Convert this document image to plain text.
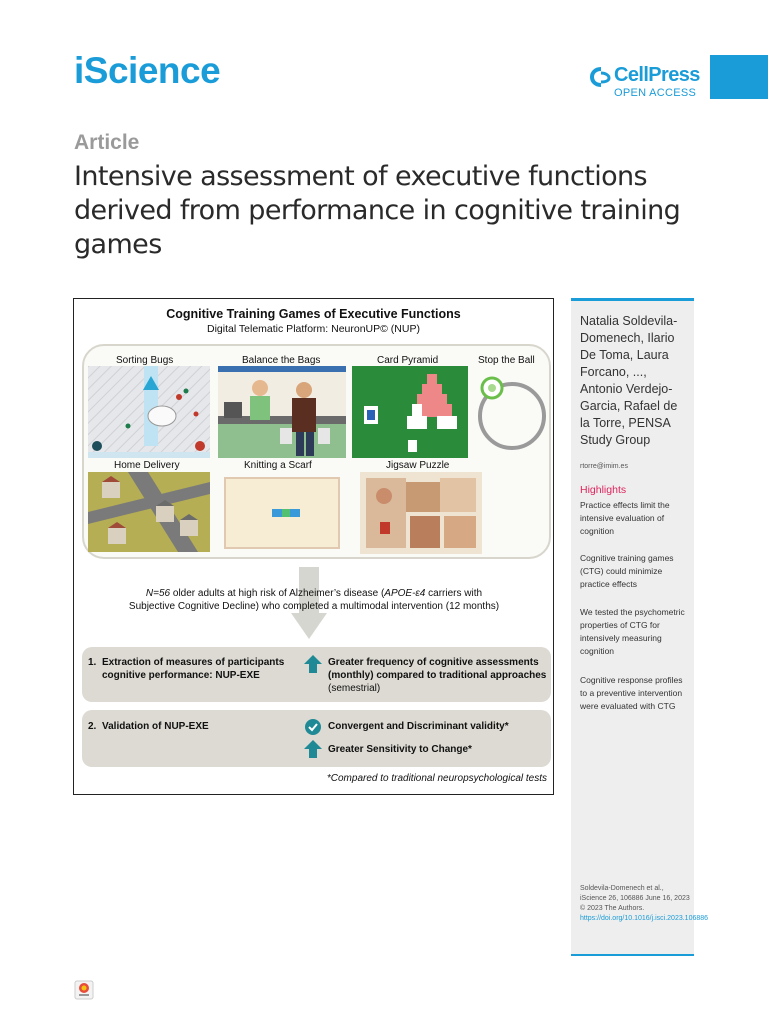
iScience	CellPress
OPEN ACCESS
Article
Intensive assessment of executive functions derived from performance in cognitive training games
Cognitive Training Games of Executive Functions
Digital Telematic Platform: NeuronUP© (NUP)
Sorting Bugs	Balance the Bags	Card Pyramid	Stop the Ball
Home Delivery	Knitting a Scarf	Jigsaw Puzzle
N=56 older adults at high risk of Alzheimer’s disease (APOE-ε4 carriers with
Subjective Cognitive Decline) who completed a multimodal intervention (12 months)
1. Extraction of measures of participants
cognitive performance: NUP-EXE
Greater frequency of cognitive assessments
(monthly) compared to traditional approaches
(semestrial)
2. Validation of NUP-EXE	Convergent and Discriminant validity*
Greater Sensitivity to Change*
*Compared to traditional neuropsychological tests
Natalia Soldevila-Domenech, Ilario De Toma, Laura Forcano, ..., Antonio Verdejo-Garcia, Rafael de la Torre, PENSA Study Group
rtorre@imim.es
Highlights
Practice effects limit the intensive evaluation of cognition
Cognitive training games (CTG) could minimize practice effects
We tested the psychometric properties of CTG for intensively measuring cognition
Cognitive response profiles to a preventive intervention were evaluated with CTG
Soldevila-Domenech et al., iScience 26, 106886 June 16, 2023 © 2023 The Authors.
https://doi.org/10.1016/j.isci.2023.106886
